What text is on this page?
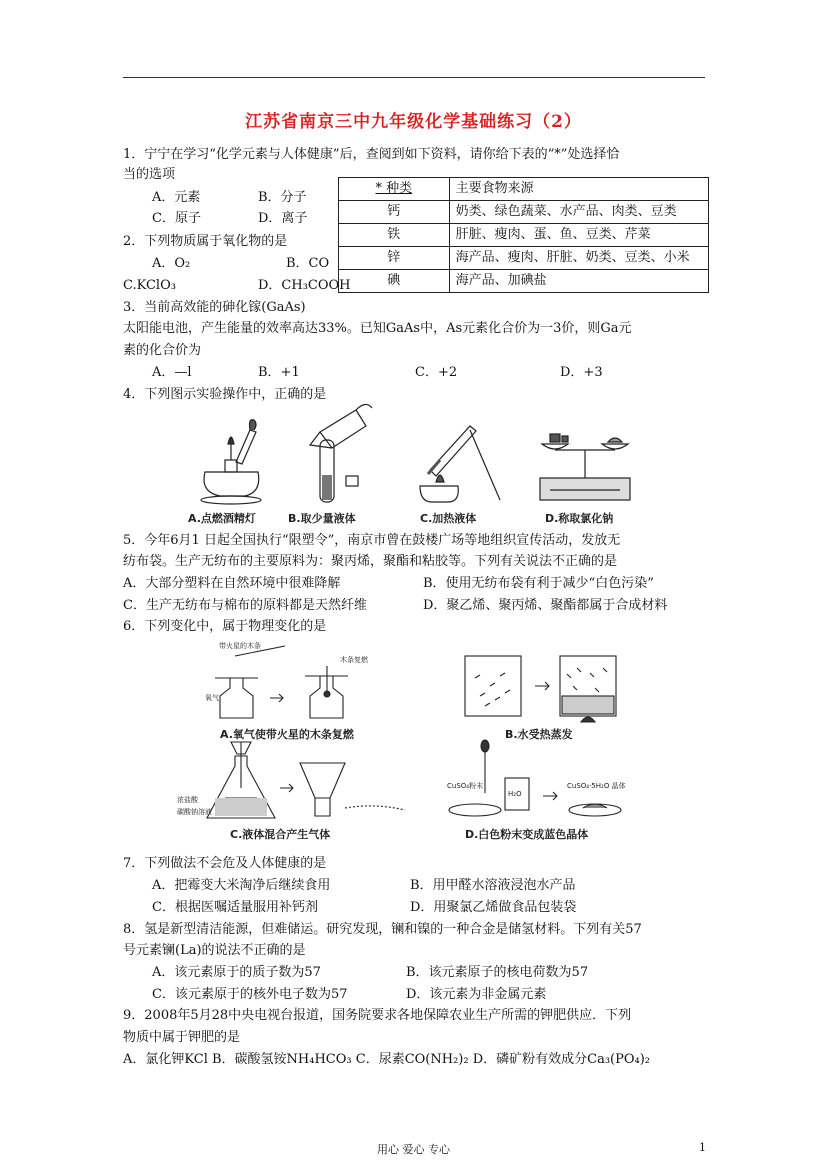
江苏省南京三中九年级化学基础练习（2）
1．宁宁在学习“化学元素与人体健康”后，查阅到如下资料，请你给下表的“*”处选择恰
当的选项
A．元素	B．分子
C．原子	D．离子
* 种类	主要食物来源
钙	奶类、绿色蔬菜、水产品、肉类、豆类
铁	肝脏、瘦肉、蛋、鱼、豆类、芹菜
锌	海产品、瘦肉、肝脏、奶类、豆类、小米
碘	海产品、加碘盐
2．下列物质属于氧化物的是
A．O₂	B．CO
C.KClO₃	D．CH₃COOH
3．当前高效能的砷化镓(GaAs)
太阳能电池，产生能量的效率高达33%。已知GaAs中，As元素化合价为一3价，则Ga元
素的化合价为
A．—l	B．+1	C．+2	D．+3
4．下列图示实验操作中，正确的是
A.点燃酒精灯	B.取少量液体	C.加热液体	D.称取氯化钠
5．今年6月1 日起全国执行“限塑令”，南京市曾在鼓楼广场等地组织宣传活动，发放无
纺布袋。生产无纺布的主要原料为：聚丙烯，聚酯和粘胶等。下列有关说法不正确的是
A．大部分塑料在自然环境中很难降解	B．使用无纺布袋有利于减少“白色污染”
C．生产无纺布与棉布的原料都是天然纤维	D．聚乙烯、聚丙烯、聚酯都属于合成材料
6．下列变化中，属于物理变化的是
带火星的木条
氧气
木条复燃
A.氧气使带火星的木条复燃	B.水受热蒸发
浓盐酸
碳酸钠溶液
C.液体混合产生气体
CuSO₄粉末
H₂O
CuSO₄·5H₂O 晶体
D.白色粉末变成蓝色晶体
7．下列做法不会危及人体健康的是
A．把霉变大米淘净后继续食用	B．用甲醛水溶液浸泡水产品
C．根据医嘱适量服用补钙剂	D．用聚氯乙烯做食品包装袋
8．氢是新型清洁能源，但难储运。研究发现，镧和镍的一种合金是储氢材料。下列有关57
号元素镧(La)的说法不正确的是
A．该元素原于的质子数为57	B．该元素原子的核电荷数为57
C．该元素原于的核外电子数为57	D．该元素为非金属元素
9．2008年5月28中央电视台报道，国务院要求各地保障农业生产所需的钾肥供应．下列
物质中属于钾肥的是
A．氯化钾KCl B．碳酸氢铵NH₄HCO₃ C．尿素CO(NH₂)₂ D．磷矿粉有效成分Ca₃(PO₄)₂
用心 爱心 专心	1
